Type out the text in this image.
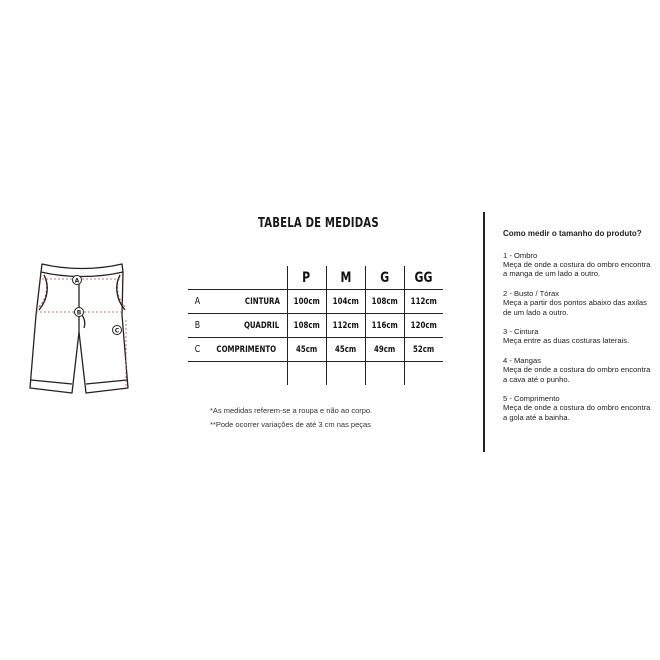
TABELA DE MEDIDAS
A
B
C
		P	M	G	GG
A	CINTURA	100cm	104cm	108cm	112cm
B	QUADRIL	108cm	112cm	116cm	120cm
C	COMPRIMENTO	45cm	45cm	49cm	52cm

*As medidas referem-se a roupa e não ao corpo.
**Pode ocorrer variações de até 3 cm nas peças
Como medir o tamanho do produto?
1 - Ombro
Meça de onde a costura do ombro encontra a manga de um lado a outro.
2 - Busto / Tórax
Meça a partir dos pontos abaixo das axilas de um lado a outro.
3 - Cintura
Meça entre as duas costuras laterais.
4 - Mangas
Meça de onde a costura do ombro encontra a cava até o punho.
5 - Comprimento
Meça de onde a costura do ombro encontra a gola até a bainha.
